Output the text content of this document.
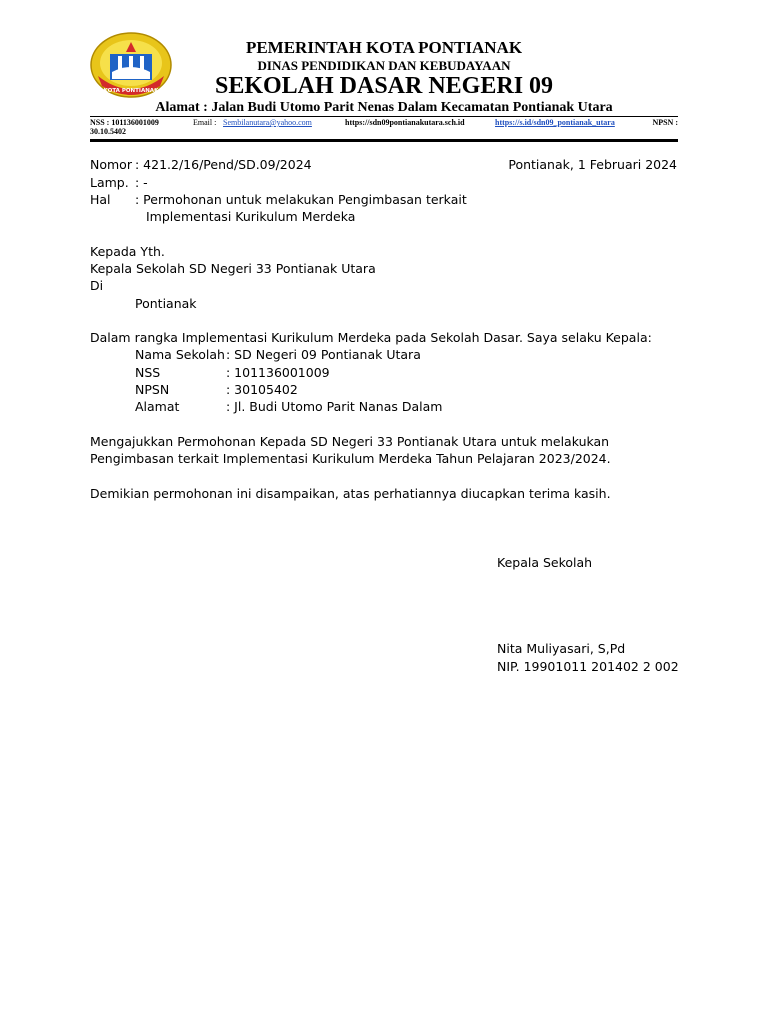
KOTA PONTIANAK
PEMERINTAH KOTA PONTIANAK
DINAS PENDIDIKAN DAN KEBUDAYAAN
SEKOLAH DASAR NEGERI 09
Alamat : Jalan Budi Utomo Parit Nenas Dalam Kecamatan Pontianak Utara
NSS : 101136001009	Email : Sembilanutara@yahoo.com	https://sdn09pontianakutara.sch.id	https://s.id/sdn09_pontianak_utara	NPSN :
30.10.5402
Nomor : 421.2/16/Pend/SD.09/2024	Pontianak, 1 Februari 2024
Lamp. : -
Hal : Permohonan untuk melakukan Pengimbasan terkait
Implementasi Kurikulum Merdeka
Kepada Yth.
Kepala Sekolah SD Negeri 33 Pontianak Utara
Di
Pontianak
Dalam rangka Implementasi Kurikulum Merdeka pada Sekolah Dasar. Saya selaku Kepala:
Nama Sekolah : SD Negeri 09 Pontianak Utara
NSS	: 101136001009
NPSN	: 30105402
Alamat	: Jl. Budi Utomo Parit Nanas Dalam
Mengajukkan Permohonan Kepada SD Negeri 33 Pontianak Utara untuk melakukan
Pengimbasan terkait Implementasi Kurikulum Merdeka Tahun Pelajaran 2023/2024.
Demikian permohonan ini disampaikan, atas perhatiannya diucapkan terima kasih.
Kepala Sekolah
Nita Muliyasari, S,Pd
NIP. 19901011 201402 2 002
